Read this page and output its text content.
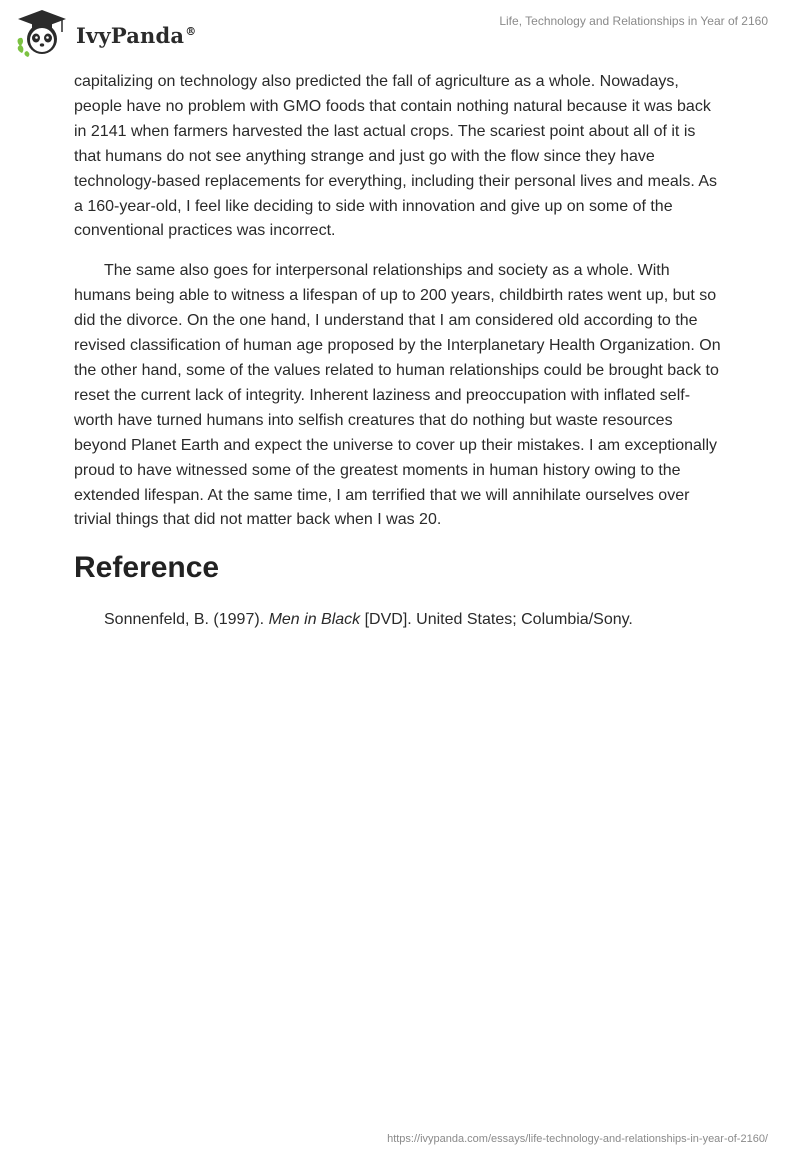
IvyPanda®
Life, Technology and Relationships in Year of 2160

capitalizing on technology also predicted the fall of agriculture as a whole. Nowadays, people have no problem with GMO foods that contain nothing natural because it was back in 2141 when farmers harvested the last actual crops. The scariest point about all of it is that humans do not see anything strange and just go with the flow since they have technology-based replacements for everything, including their personal lives and meals. As a 160-year-old, I feel like deciding to side with innovation and give up on some of the conventional practices was incorrect.

The same also goes for interpersonal relationships and society as a whole. With humans being able to witness a lifespan of up to 200 years, childbirth rates went up, but so did the divorce. On the one hand, I understand that I am considered old according to the revised classification of human age proposed by the Interplanetary Health Organization. On the other hand, some of the values related to human relationships could be brought back to reset the current lack of integrity. Inherent laziness and preoccupation with inflated self-worth have turned humans into selfish creatures that do nothing but waste resources beyond Planet Earth and expect the universe to cover up their mistakes. I am exceptionally proud to have witnessed some of the greatest moments in human history owing to the extended lifespan. At the same time, I am terrified that we will annihilate ourselves over trivial things that did not matter back when I was 20.

Reference

Sonnenfeld, B. (1997). Men in Black [DVD]. United States; Columbia/Sony.

https://ivypanda.com/essays/life-technology-and-relationships-in-year-of-2160/
